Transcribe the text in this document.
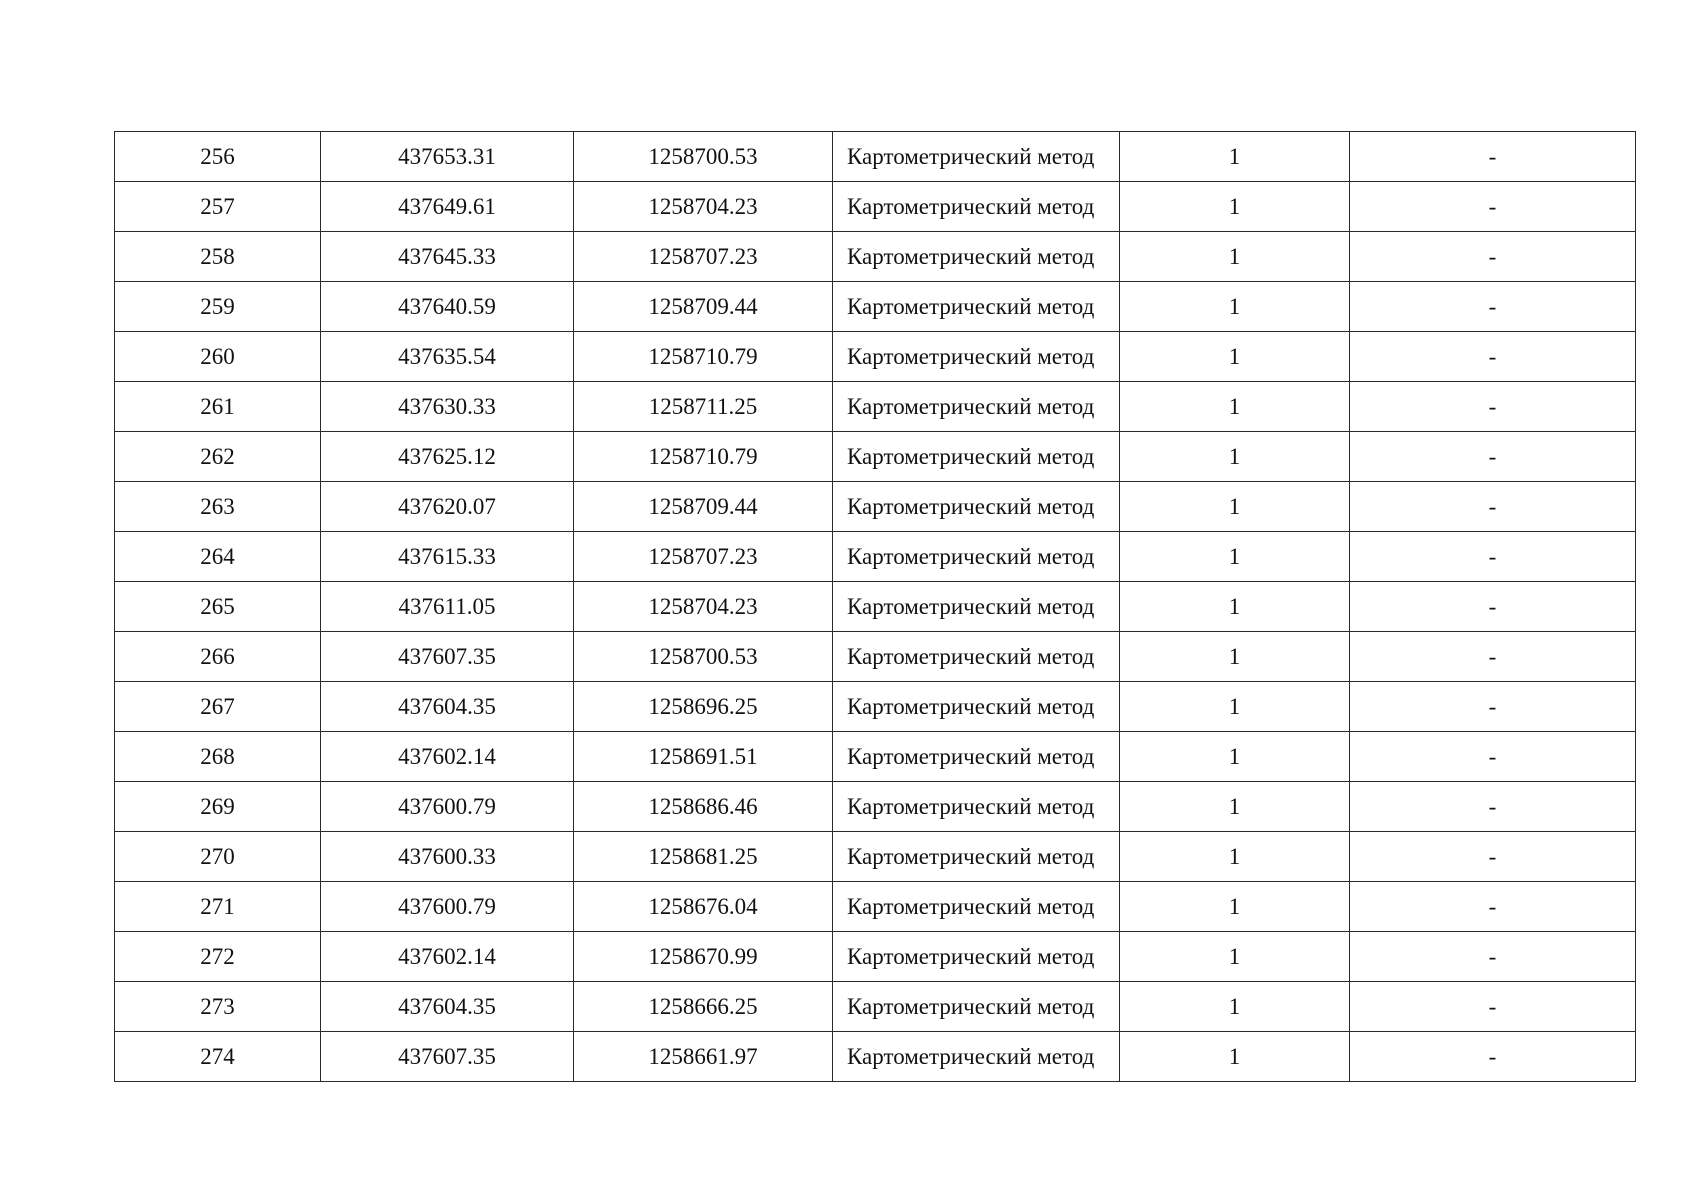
256	437653.31	1258700.53	Картометрический метод	1	-
257	437649.61	1258704.23	Картометрический метод	1	-
258	437645.33	1258707.23	Картометрический метод	1	-
259	437640.59	1258709.44	Картометрический метод	1	-
260	437635.54	1258710.79	Картометрический метод	1	-
261	437630.33	1258711.25	Картометрический метод	1	-
262	437625.12	1258710.79	Картометрический метод	1	-
263	437620.07	1258709.44	Картометрический метод	1	-
264	437615.33	1258707.23	Картометрический метод	1	-
265	437611.05	1258704.23	Картометрический метод	1	-
266	437607.35	1258700.53	Картометрический метод	1	-
267	437604.35	1258696.25	Картометрический метод	1	-
268	437602.14	1258691.51	Картометрический метод	1	-
269	437600.79	1258686.46	Картометрический метод	1	-
270	437600.33	1258681.25	Картометрический метод	1	-
271	437600.79	1258676.04	Картометрический метод	1	-
272	437602.14	1258670.99	Картометрический метод	1	-
273	437604.35	1258666.25	Картометрический метод	1	-
274	437607.35	1258661.97	Картометрический метод	1	-
